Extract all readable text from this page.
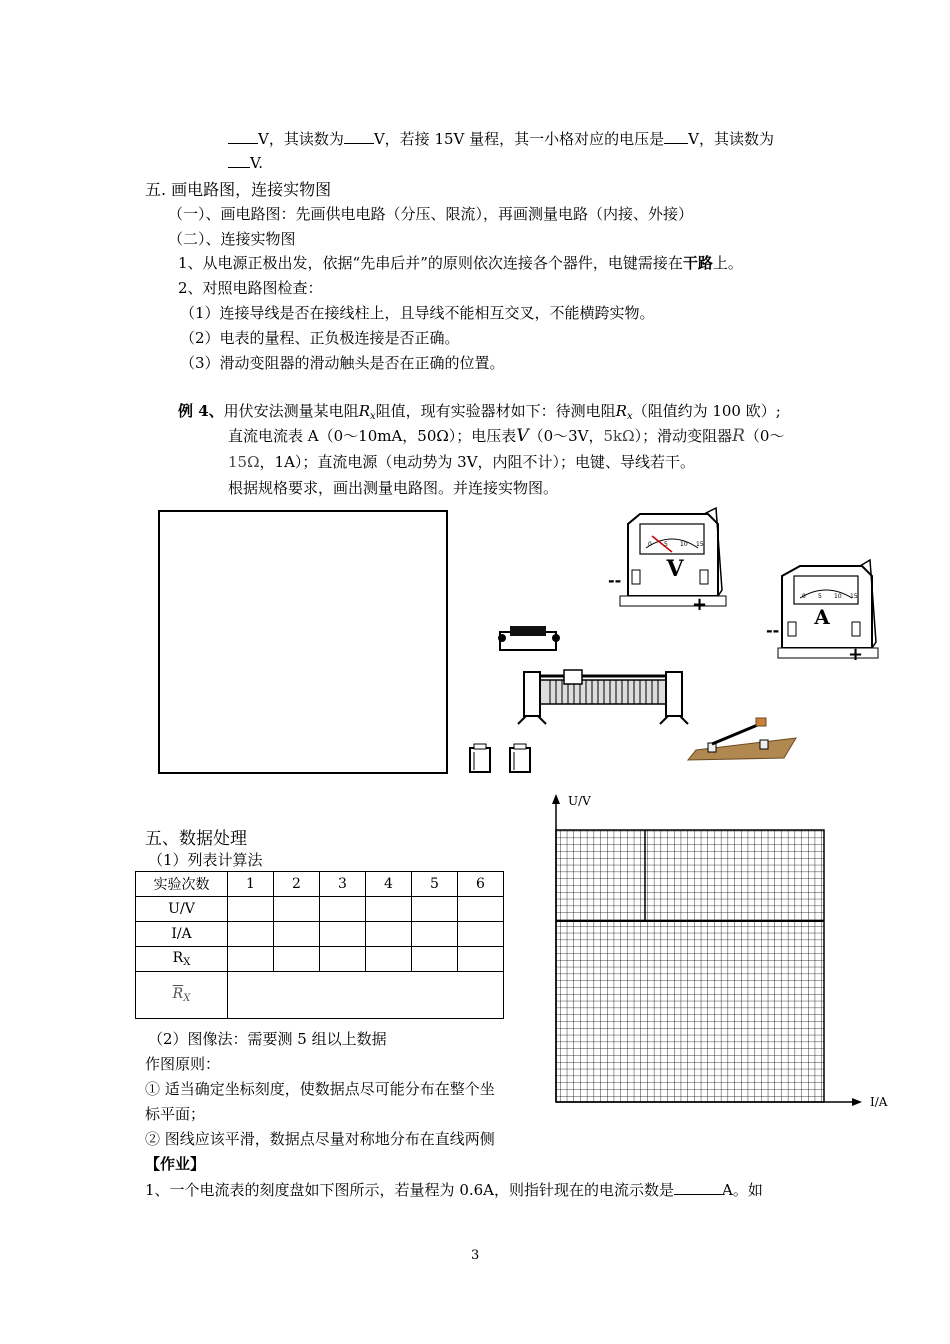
V，其读数为 V，若接 15V 量程，其一小格对应的电压是 V，其读数为
V.
五. 画电路图，连接实物图
（一）、画电路图：先画供电电路（分压、限流），再画测量电路（内接、外接）
（二）、连接实物图
1、从电源正极出发，依据“先串后并”的原则依次连接各个器件，电键需接在干路上。
2、对照电路图检查：
（1）连接导线是否在接线柱上，且导线不能相互交叉，不能横跨实物。
（2）电表的量程、正负极连接是否正确。
（3）滑动变阻器的滑动触头是否在正确的位置。
例 4、用伏安法测量某电阻$R_x$阻值，现有实验器材如下：待测电阻$R_x$（阻值约为 100 欧）;
直流电流表 A（0～10mA，50Ω）；电压表V（0～3V，5kΩ）；滑动变阻器R（0～
15Ω，1A）；直流电源（电动势为 3V，内阻不计）；电键、导线若干。
根据规格要求，画出测量电路图。并连接实物图。
V
--
+
A
--
+
0 5 10 15
0 5 10 15
五、数据处理
（1）列表计算法
实验次数	1	2	3	4	5	6
U/V						
I/A						
$R_X$						
$\overline{R}_X$	
（2）图像法：需要测 5 组以上数据
作图原则：
① 适当确定坐标刻度，使数据点尽可能分布在整个坐
标平面；
② 图线应该平滑，数据点尽量对称地分布在直线两侧
U/V
I/A
【作业】
1、一个电流表的刻度盘如下图所示，若量程为 0.6A，则指针现在的电流示数是	A。如
3
